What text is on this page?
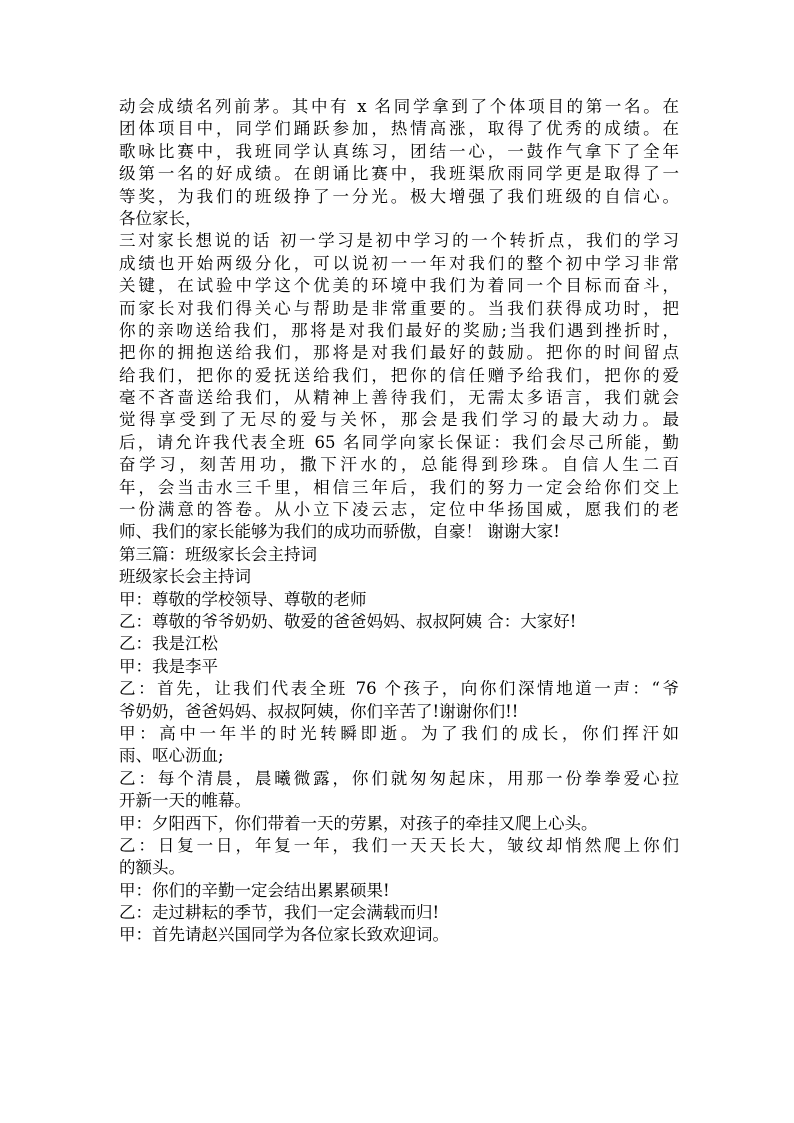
动会成绩名列前茅。其中有 x 名同学拿到了个体项目的第一名。在
团体项目中，同学们踊跃参加，热情高涨，取得了优秀的成绩。在
歌咏比赛中，我班同学认真练习，团结一心，一鼓作气拿下了全年
级第一名的好成绩。在朗诵比赛中，我班渠欣雨同学更是取得了一
等奖，为我们的班级挣了一分光。极大增强了我们班级的自信心。
各位家长，
三对家长想说的话 初一学习是初中学习的一个转折点，我们的学习
成绩也开始两级分化，可以说初一一年对我们的整个初中学习非常
关键，在试验中学这个优美的环境中我们为着同一个目标而奋斗，
而家长对我们得关心与帮助是非常重要的。当我们获得成功时，把
你的亲吻送给我们，那将是对我们最好的奖励;当我们遇到挫折时，
把你的拥抱送给我们，那将是对我们最好的鼓励。把你的时间留点
给我们，把你的爱抚送给我们，把你的信任赠予给我们，把你的爱
毫不吝啬送给我们，从精神上善待我们，无需太多语言，我们就会
觉得享受到了无尽的爱与关怀，那会是我们学习的最大动力。最
后，请允许我代表全班 65 名同学向家长保证：我们会尽己所能，勤
奋学习，刻苦用功，撒下汗水的，总能得到珍珠。自信人生二百
年，会当击水三千里，相信三年后，我们的努力一定会给你们交上
一份满意的答卷。从小立下凌云志，定位中华扬国威，愿我们的老
师、我们的家长能够为我们的成功而骄傲，自豪！ 谢谢大家!
第三篇：班级家长会主持词
班级家长会主持词
甲：尊敬的学校领导、尊敬的老师
乙：尊敬的爷爷奶奶、敬爱的爸爸妈妈、叔叔阿姨 合：大家好!
乙：我是江松
甲：我是李平
乙：首先，让我们代表全班 76 个孩子，向你们深情地道一声：“爷
爷奶奶，爸爸妈妈、叔叔阿姨，你们辛苦了!谢谢你们!!
甲：高中一年半的时光转瞬即逝。为了我们的成长，你们挥汗如
雨、呕心沥血;
乙：每个清晨，晨曦微露，你们就匆匆起床，用那一份拳拳爱心拉
开新一天的帷幕。
甲：夕阳西下，你们带着一天的劳累，对孩子的牵挂又爬上心头。
乙：日复一日，年复一年，我们一天天长大，皱纹却悄然爬上你们
的额头。
甲：你们的辛勤一定会结出累累硕果!
乙：走过耕耘的季节，我们一定会满载而归!
甲：首先请赵兴国同学为各位家长致欢迎词。
